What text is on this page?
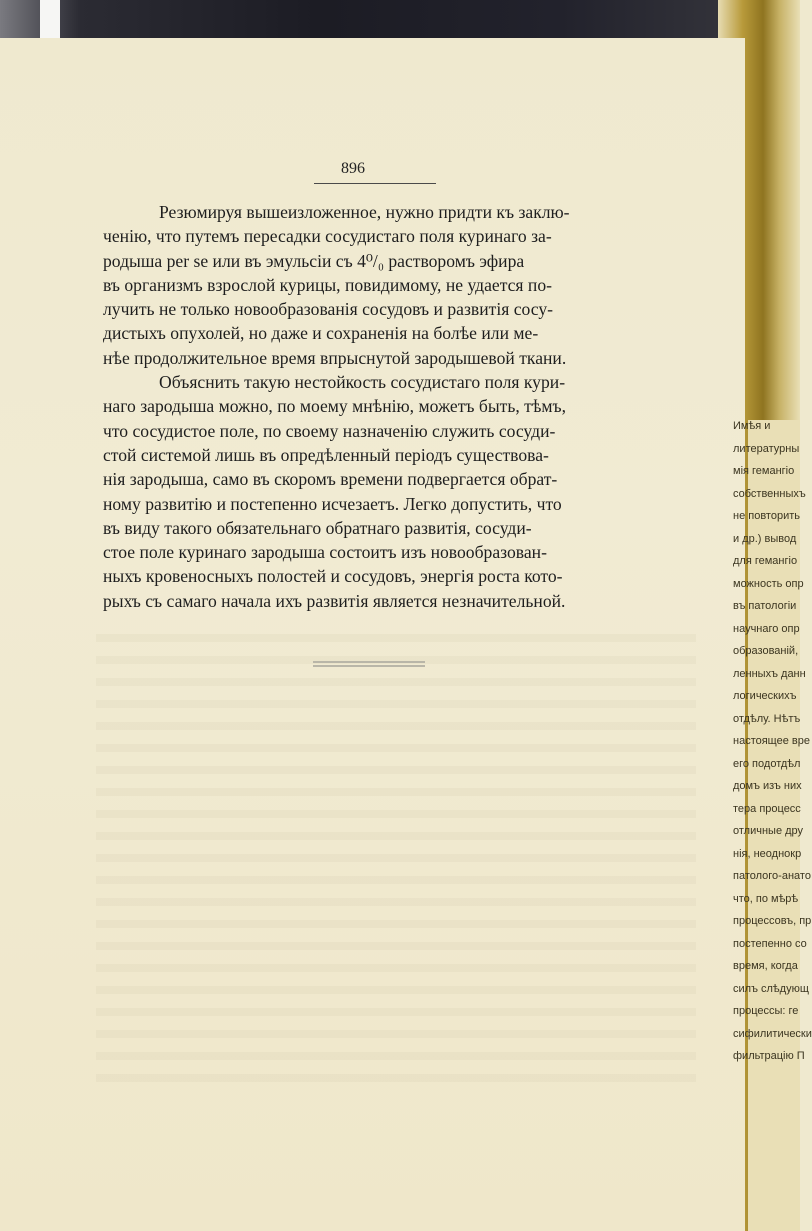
896
Резюмируя вышеизложенное, нужно придти къ заклю-
ченію, что путемъ пересадки сосудистаго поля куринаго за-
родыша per se или въ эмульсіи съ 4⁰/₀ растворомъ эфира
въ организмъ взрослой курицы, повидимому, не удается по-
лучить не только новообразованія сосудовъ и развитія сосу-
дистыхъ опухолей, но даже и сохраненія на болѣе или ме-
нѣе продолжительное время впрыснутой зародышевой ткани.
Объяснить такую нестойкость сосудистаго поля кури-
наго зародыша можно, по моему мнѣнію, можетъ быть, тѣмъ,
что сосудистое поле, по своему назначенію служить сосуди-
стой системой лишь въ опредѣленный періодъ существова-
нія зародыша, само въ скоромъ времени подвергается обрат-
ному развитію и постепенно исчезаетъ. Легко допустить, что
въ виду такого обязательнаго обратнаго развитія, сосуди-
стое поле куринаго зародыша состоитъ изъ новообразован-
ныхъ кровеносныхъ полостей и сосудовъ, энергія роста кото-
рыхъ съ самаго начала ихъ развитія является незначительной.
Имѣя и
литературны
мія гемангіо
собственныхъ
не повторить
и др.) вывод
для гемангіо
можность опр
въ патологіи
научнаго опр
образованій,
ленныхъ данн
логическихъ
отдѣлу. Нѣтъ
настоящее вре
его подотдѣл
домъ изъ них
тера процесс
отличные дру
нія, неоднокр
патолого-анато
что, по мѣрѣ
процессовъ, пр
постепенно со
время, когда
силъ слѣдующ
процессы: ге
сифилитически
фильтрацію П
